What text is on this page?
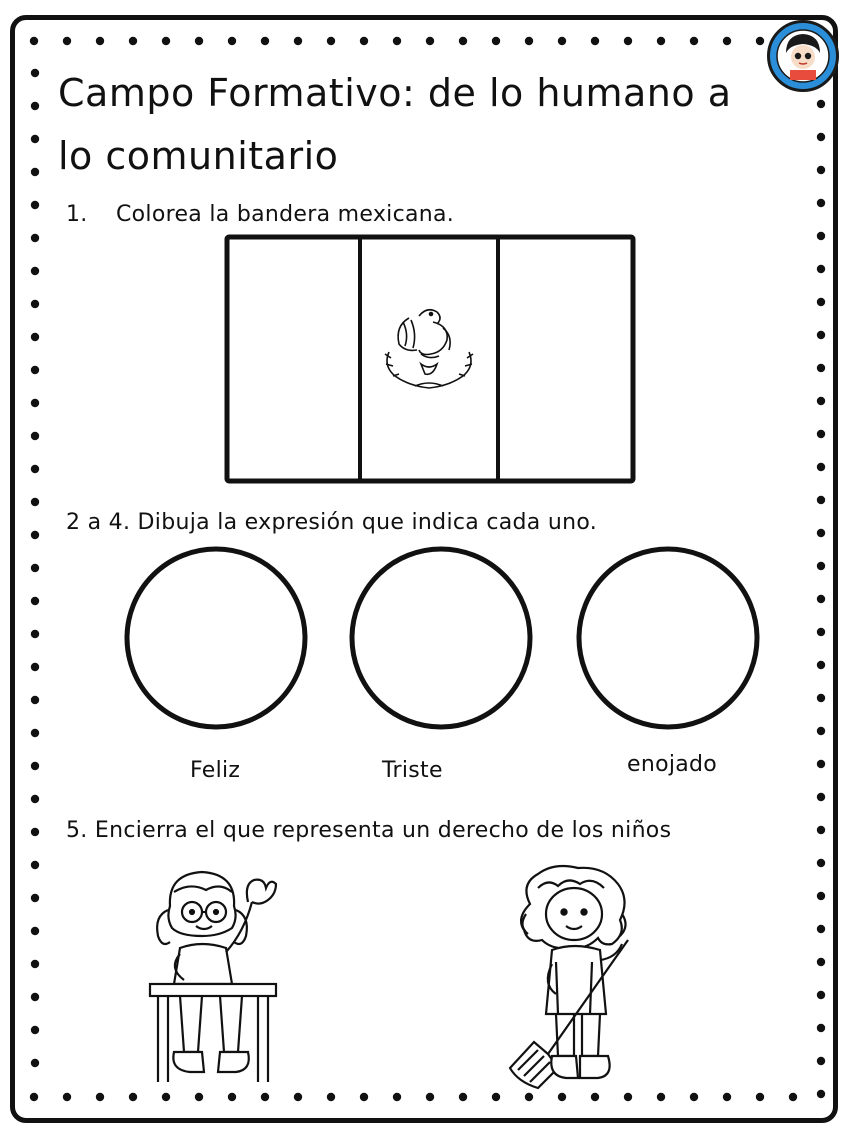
Campo Formativo: de lo humano a lo comunitario
1. Colorea la bandera mexicana.
2 a 4. Dibuja la expresión que indica cada uno.
Feliz	Triste	enojado
5. Encierra el que representa un derecho de los niños
